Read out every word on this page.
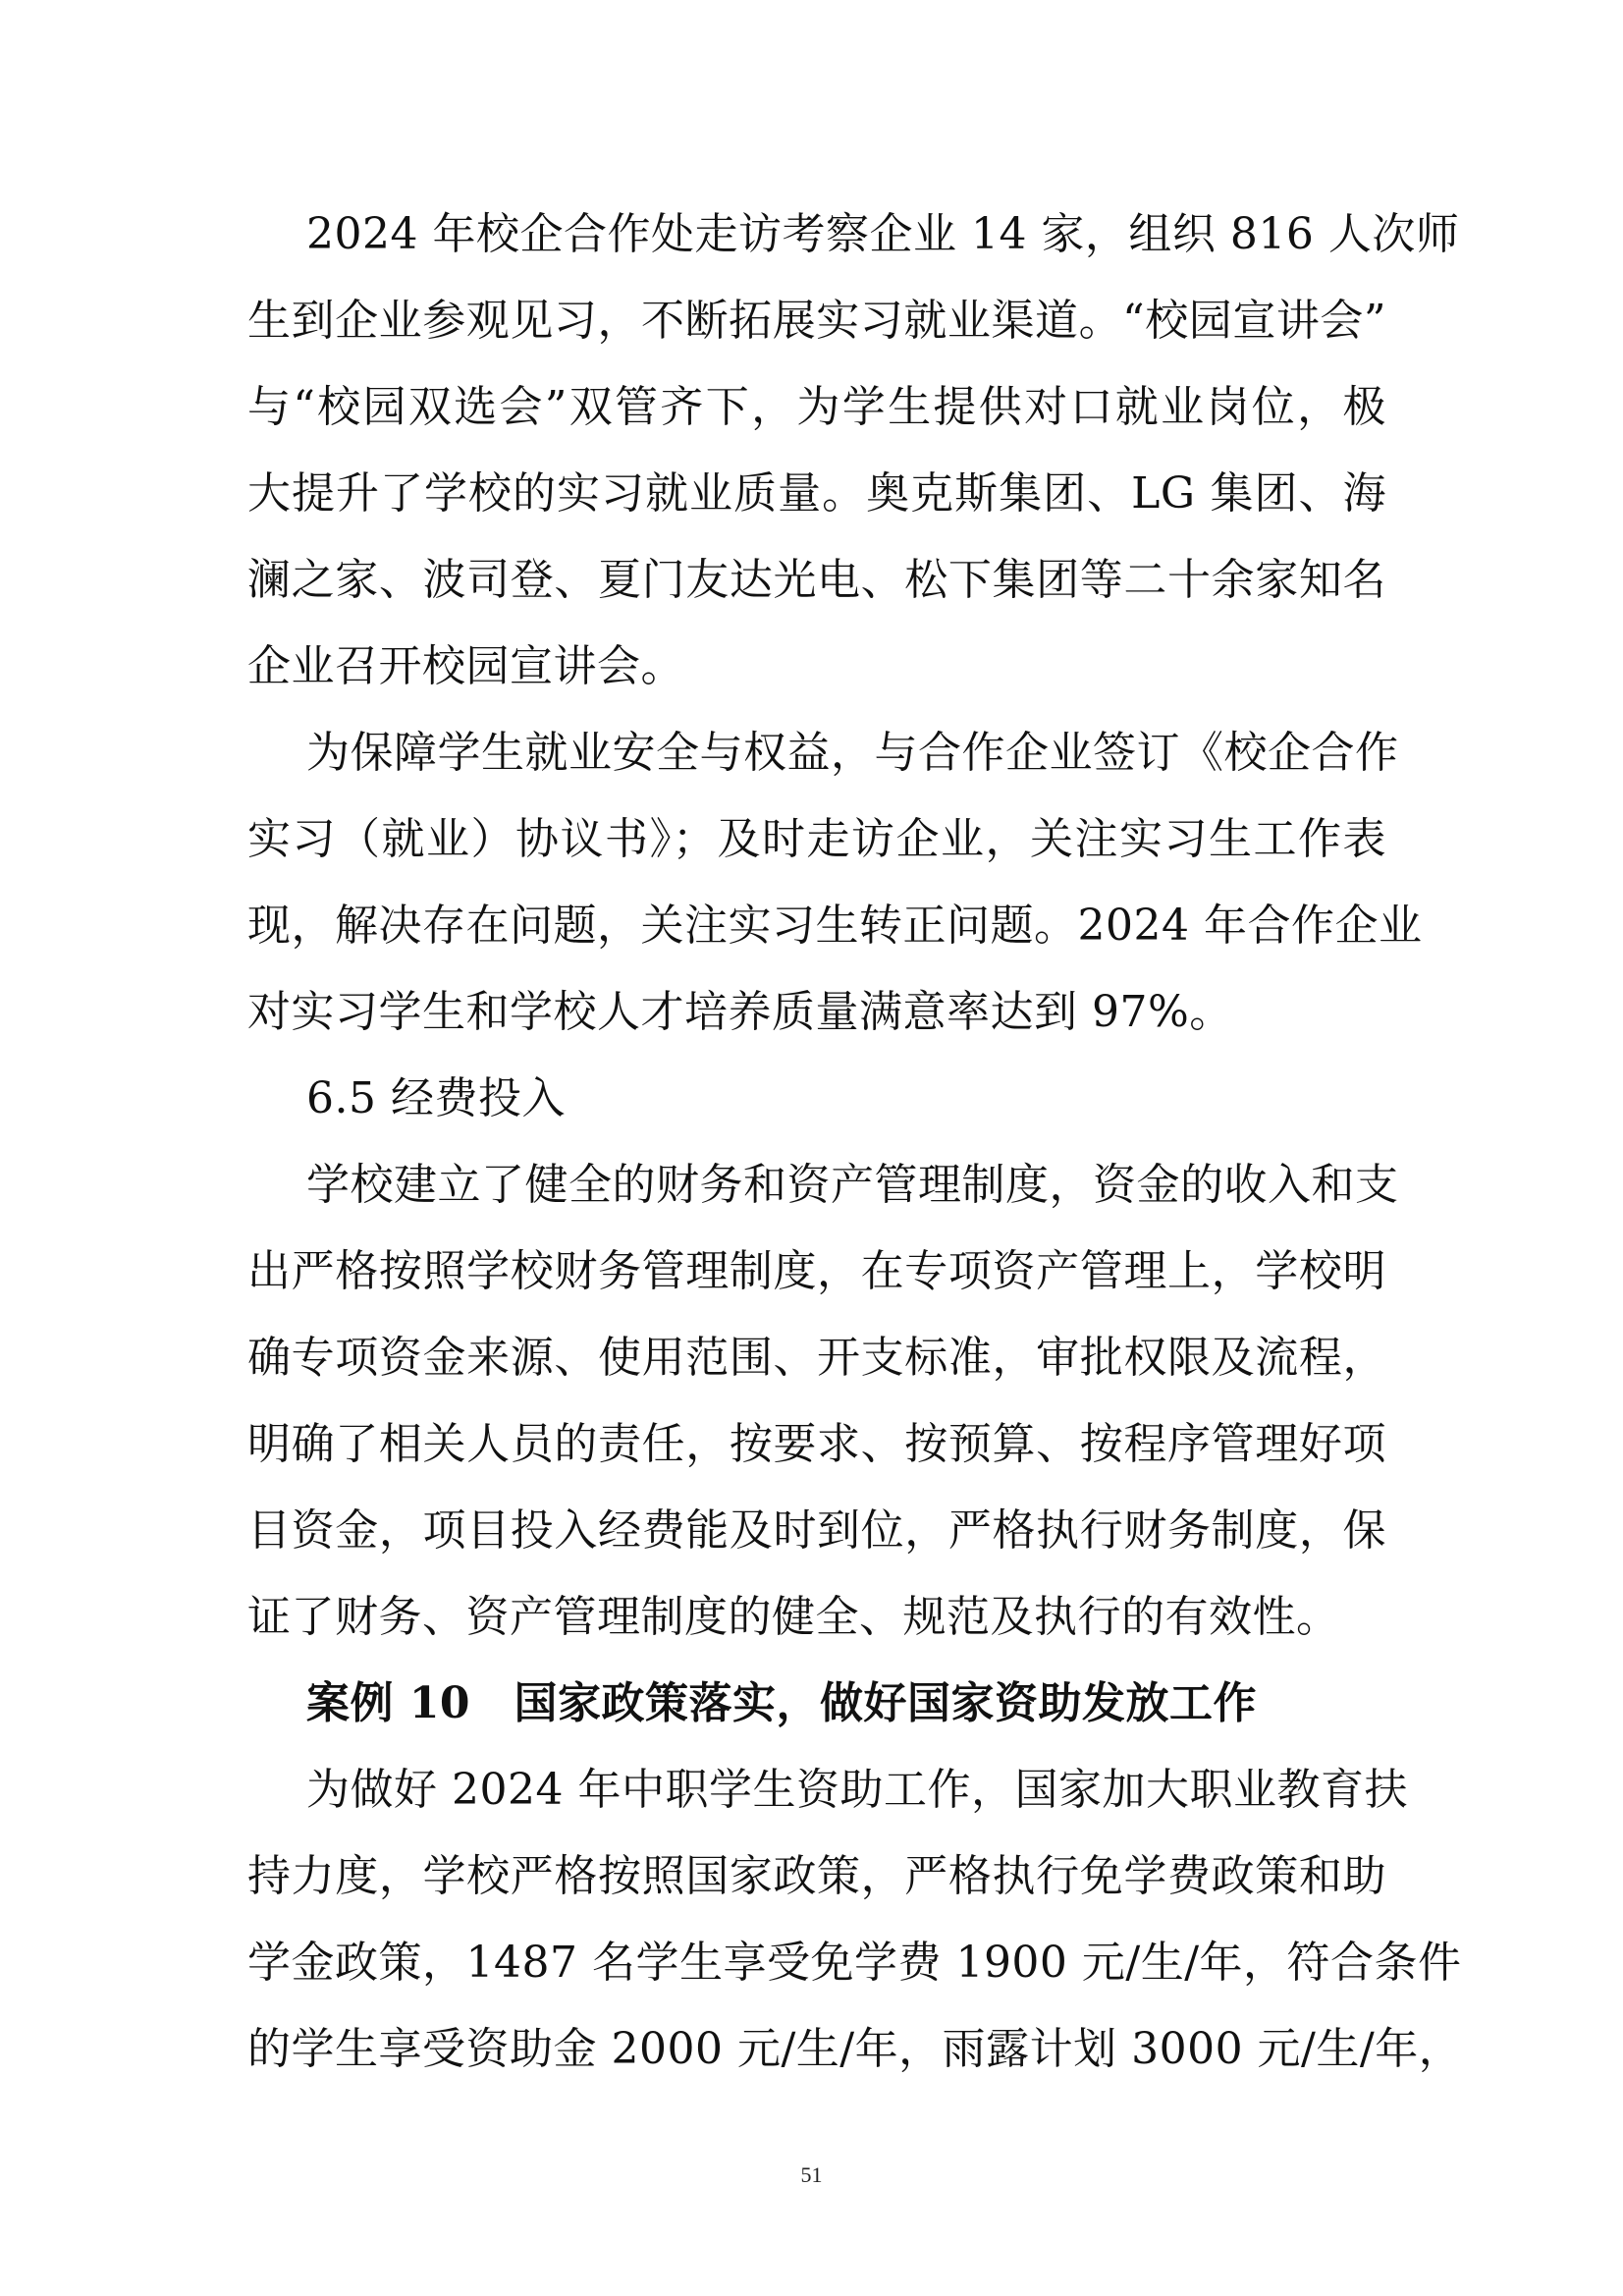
2024 年校企合作处走访考察企业 14 家，组织 816 人次师
生到企业参观见习，不断拓展实习就业渠道。“校园宣讲会”
与“校园双选会”双管齐下，为学生提供对口就业岗位，极
大提升了学校的实习就业质量。奥克斯集团、LG 集团、海
澜之家、波司登、夏门友达光电、松下集团等二十余家知名
企业召开校园宣讲会。
为保障学生就业安全与权益，与合作企业签订《校企合作
实习（就业）协议书》；及时走访企业，关注实习生工作表
现，解决存在问题，关注实习生转正问题。2024 年合作企业
对实习学生和学校人才培养质量满意率达到 97%。
6.5 经费投入
学校建立了健全的财务和资产管理制度，资金的收入和支
出严格按照学校财务管理制度，在专项资产管理上，学校明
确专项资金来源、使用范围、开支标准，审批权限及流程，
明确了相关人员的责任，按要求、按预算、按程序管理好项
目资金，项目投入经费能及时到位，严格执行财务制度，保
证了财务、资产管理制度的健全、规范及执行的有效性。
案例 10　国家政策落实，做好国家资助发放工作
为做好 2024 年中职学生资助工作，国家加大职业教育扶
持力度，学校严格按照国家政策，严格执行免学费政策和助
学金政策，1487 名学生享受免学费 1900 元/生/年，符合条件
的学生享受资助金 2000 元/生/年，雨露计划 3000 元/生/年，
51
